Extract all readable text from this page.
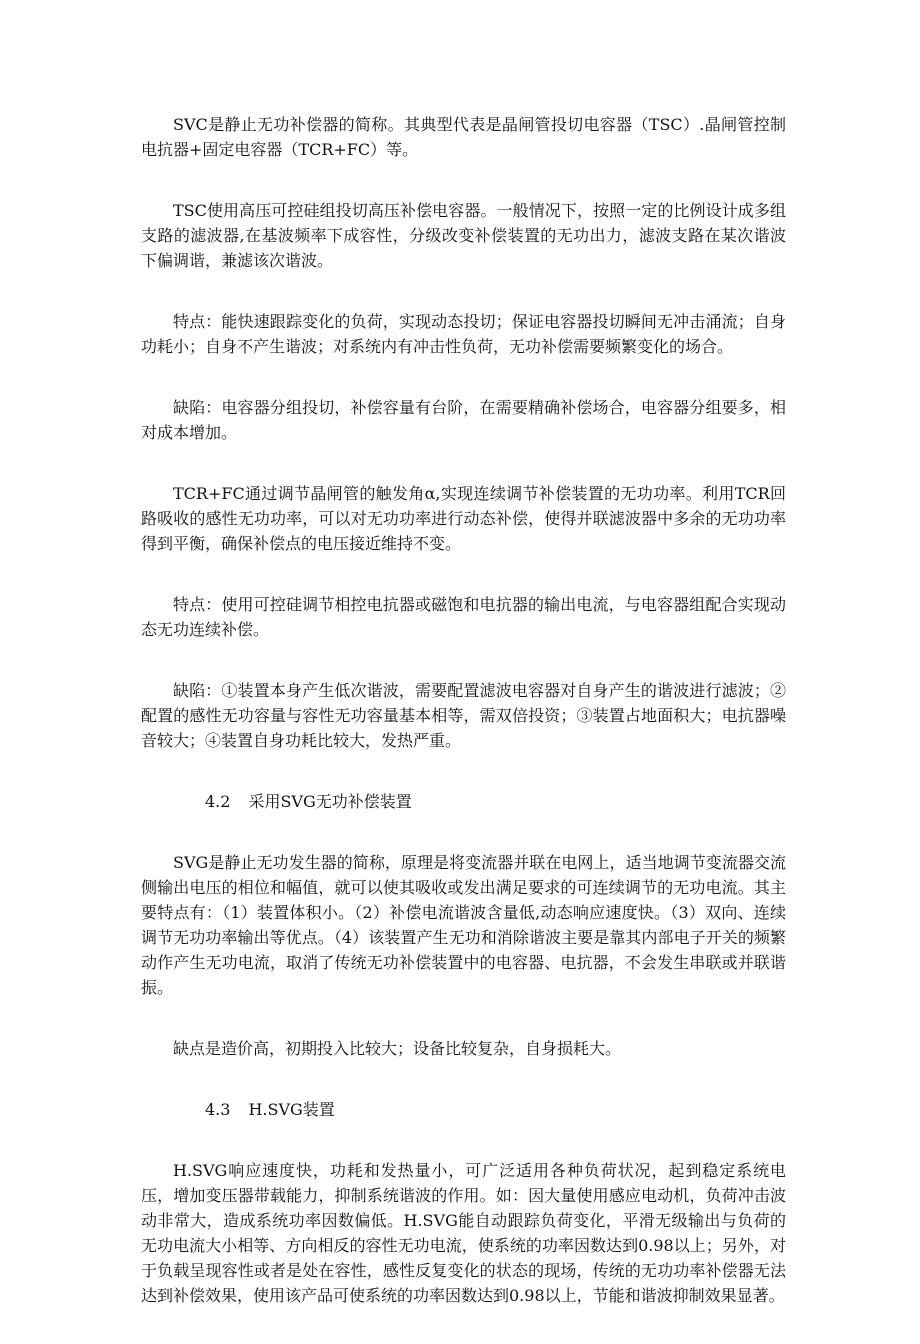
SVC是静止无功补偿器的简称。其典型代表是晶闸管投切电容器（TSC）.晶闸管控制电抗器+固定电容器（TCR+FC）等。

TSC使用高压可控硅组投切高压补偿电容器。一般情况下，按照一定的比例设计成多组支路的滤波器,在基波频率下成容性，分级改变补偿装置的无功出力，滤波支路在某次谐波下偏调谐，兼滤该次谐波。

特点：能快速跟踪变化的负荷，实现动态投切；保证电容器投切瞬间无冲击涌流；自身功耗小；自身不产生谐波；对系统内有冲击性负荷，无功补偿需要频繁变化的场合。

缺陷：电容器分组投切，补偿容量有台阶，在需要精确补偿场合，电容器分组要多，相对成本增加。

TCR+FC通过调节晶闸管的触发角α,实现连续调节补偿装置的无功功率。利用TCR回路吸收的感性无功功率，可以对无功功率进行动态补偿，使得并联滤波器中多余的无功功率得到平衡，确保补偿点的电压接近维持不变。

特点：使用可控硅调节相控电抗器或磁饱和电抗器的输出电流，与电容器组配合实现动态无功连续补偿。

缺陷：①装置本身产生低次谐波，需要配置滤波电容器对自身产生的谐波进行滤波；②配置的感性无功容量与容性无功容量基本相等，需双倍投资；③装置占地面积大；电抗器噪音较大；④装置自身功耗比较大，发热严重。

4.2 采用SVG无功补偿装置

SVG是静止无功发生器的简称，原理是将变流器并联在电网上，适当地调节变流器交流侧输出电压的相位和幅值，就可以使其吸收或发出满足要求的可连续调节的无功电流。其主要特点有：（1）装置体积小。（2）补偿电流谐波含量低,动态响应速度快。（3）双向、连续调节无功功率输出等优点。（4）该装置产生无功和消除谐波主要是靠其内部电子开关的频繁动作产生无功电流，取消了传统无功补偿装置中的电容器、电抗器，不会发生串联或并联谐振。

缺点是造价高，初期投入比较大；设备比较复杂，自身损耗大。

4.3 H.SVG装置

H.SVG响应速度快，功耗和发热量小，可广泛适用各种负荷状况，起到稳定系统电压，增加变压器带载能力，抑制系统谐波的作用。如：因大量使用感应电动机，负荷冲击波动非常大，造成系统功率因数偏低。H.SVG能自动跟踪负荷变化，平滑无级输出与负荷的无功电流大小相等、方向相反的容性无功电流，使系统的功率因数达到0.98以上；另外，对于负载呈现容性或者是处在容性，感性反复变化的状态的现场，传统的无功功率补偿器无法达到补偿效果，使用该产品可使系统的功率因数达到0.98以上，节能和谐波抑制效果显著。
